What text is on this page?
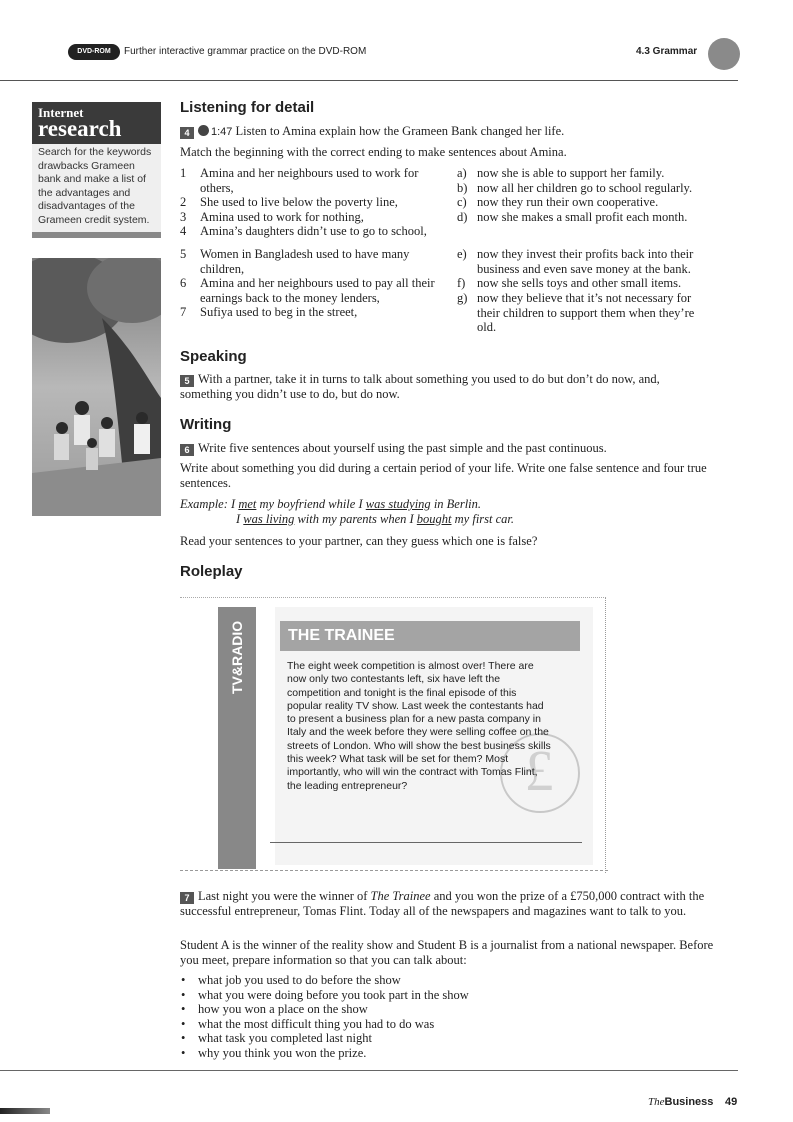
DVD-ROM	Further interactive grammar practice on the DVD-ROM	4.3 Grammar
Internet
research
Search for the keywords drawbacks Grameen bank and make a list of the advantages and disadvantages of the Grameen credit system.
Listening for detail
4 1:47 Listen to Amina explain how the Grameen Bank changed her life.
Match the beginning with the correct ending to make sentences about Amina.
1	Amina and her neighbours used to work for others,
2	She used to live below the poverty line,
3	Amina used to work for nothing,
4	Amina’s daughters didn’t use to go to school,
5	Women in Bangladesh used to have many children,
6	Amina and her neighbours used to pay all their earnings back to the money lenders,
7	Sufiya used to beg in the street,
a) now she is able to support her family.
b) now all her children go to school regularly.
c) now they run their own cooperative.
d) now she makes a small profit each month.
e) now they invest their profits back into their business and even save money at the bank.
f) now she sells toys and other small items.
g) now they believe that it’s not necessary for their children to support them when they’re old.
Speaking
5 With a partner, take it in turns to talk about something you used to do but don’t do now, and, something you didn’t use to do, but do now.
Writing
6 Write five sentences about yourself using the past simple and the past continuous.
Write about something you did during a certain period of your life. Write one false sentence and four true sentences.
Example: I met my boyfriend while I was studying in Berlin.
I was living with my parents when I bought my first car.
Read your sentences to your partner, can they guess which one is false?
Roleplay
TV&RADIO	THE TRAINEE
£
The eight week competition is almost over! There are now only two contestants left, six have left the competition and tonight is the final episode of this popular reality TV show. Last week the contestants had to present a business plan for a new pasta company in Italy and the week before they were selling coffee on the streets of London. Who will show the best business skills this week? What task will be set for them? Most importantly, who will win the contract with Tomas Flint, the leading entrepreneur?
7 Last night you were the winner of The Trainee and you won the prize of a £750,000 contract with the successful entrepreneur, Tomas Flint. Today all of the newspapers and magazines want to talk to you.
Student A is the winner of the reality show and Student B is a journalist from a national newspaper. Before you meet, prepare information so that you can talk about:
• what job you used to do before the show
• what you were doing before you took part in the show
• how you won a place on the show
• what the most difficult thing you had to do was
• what task you completed last night
• why you think you won the prize.
TheBusiness 49
